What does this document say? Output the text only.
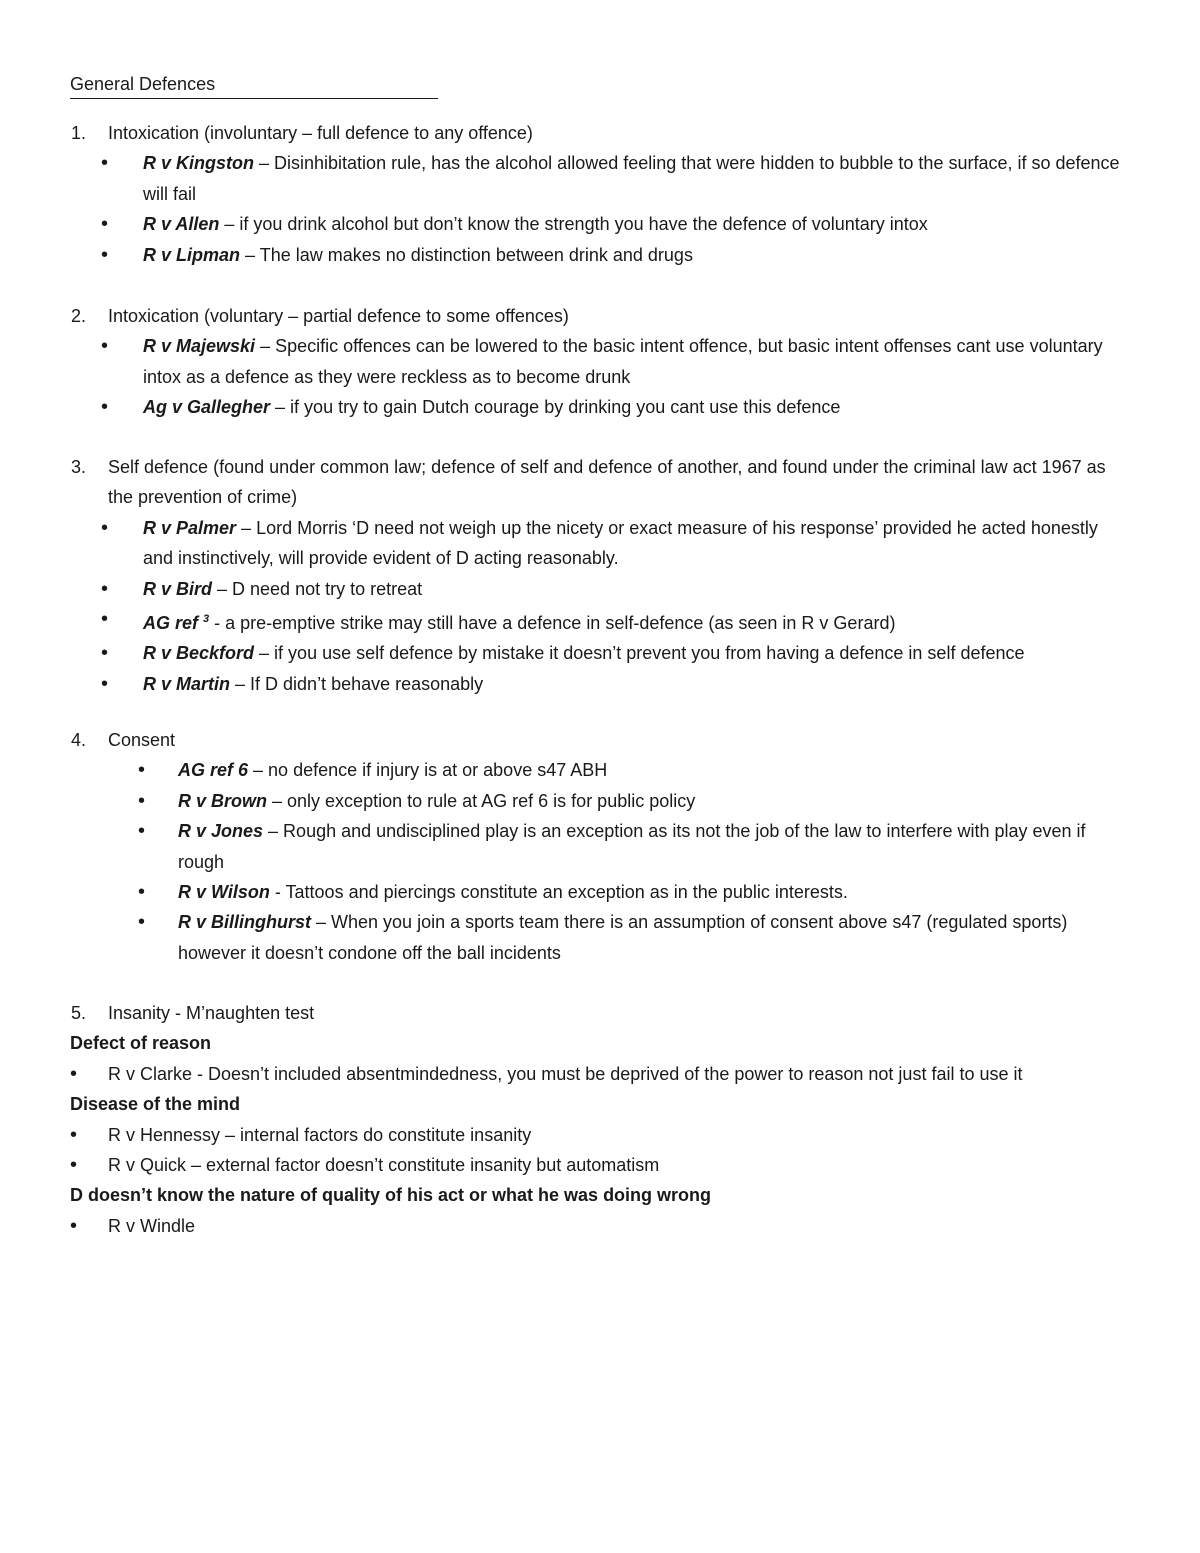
General Defences
1. Intoxication (involuntary – full defence to any offence)
• R v Kingston – Disinhibitation rule, has the alcohol allowed feeling that were hidden to bubble to the surface, if so defence will fail
• R v Allen – if you drink alcohol but don’t know the strength you have the defence of voluntary intox
• R v Lipman – The law makes no distinction between drink and drugs
2. Intoxication (voluntary – partial defence to some offences)
• R v Majewski – Specific offences can be lowered to the basic intent offence, but basic intent offenses cant use voluntary intox as a defence as they were reckless as to become drunk
• Ag v Gallegher – if you try to gain Dutch courage by drinking you cant use this defence
3. Self defence (found under common law; defence of self and defence of another, and found under the criminal law act 1967 as the prevention of crime)
• R v Palmer – Lord Morris ‘D need not weigh up the nicety or exact measure of his response’ provided he acted honestly and instinctively, will provide evident of D acting reasonably.
• R v Bird – D need not try to retreat
• AG ref $^3$ - a pre-emptive strike may still have a defence in self-defence (as seen in R v Gerard)
• R v Beckford – if you use self defence by mistake it doesn’t prevent you from having a defence in self defence
• R v Martin – If D didn’t behave reasonably
4. Consent
• AG ref 6 – no defence if injury is at or above s47 ABH
• R v Brown – only exception to rule at AG ref 6 is for public policy
• R v Jones – Rough and undisciplined play is an exception as its not the job of the law to interfere with play even if rough
• R v Wilson - Tattoos and piercings constitute an exception as in the public interests.
• R v Billinghurst – When you join a sports team there is an assumption of consent above s47 (regulated sports) however it doesn’t condone off the ball incidents
5. Insanity - M’naughten test
Defect of reason
• R v Clarke - Doesn’t included absentmindedness, you must be deprived of the power to reason not just fail to use it
Disease of the mind
• R v Hennessy – internal factors do constitute insanity
• R v Quick – external factor doesn’t constitute insanity but automatism
D doesn’t know the nature of quality of his act or what he was doing wrong
• R v Windle
